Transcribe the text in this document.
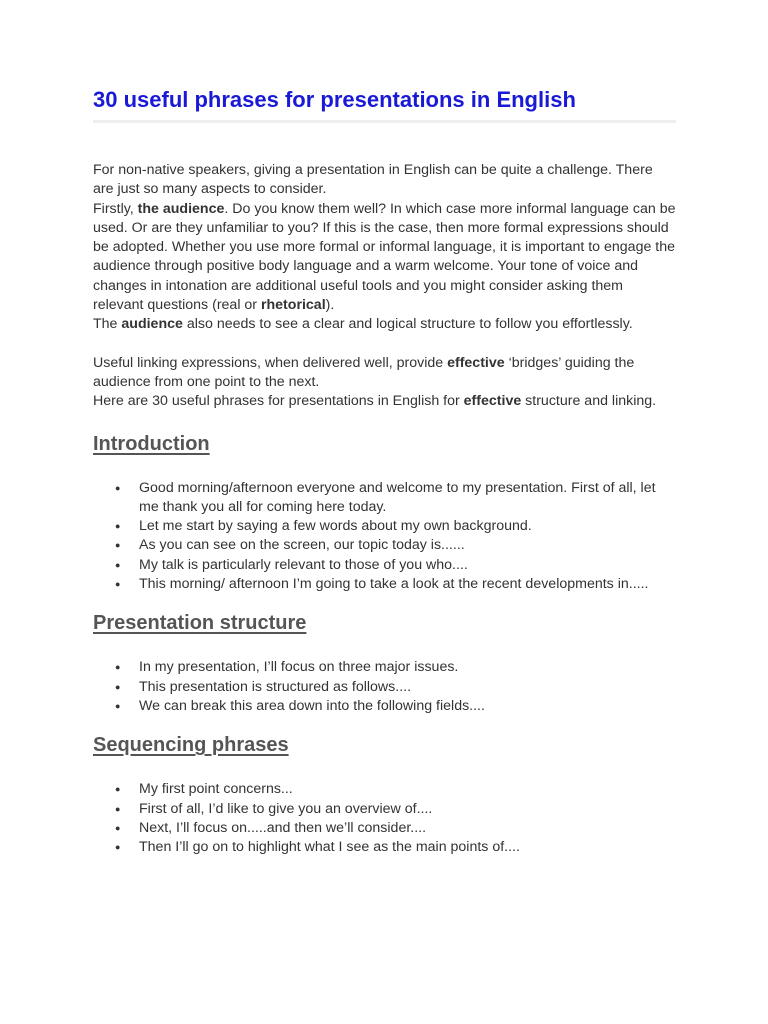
30 useful phrases for presentations in English

For non-native speakers, giving a presentation in English can be quite a challenge. There are just so many aspects to consider.

Firstly, the audience. Do you know them well? In which case more informal language can be used. Or are they unfamiliar to you? If this is the case, then more formal expressions should be adopted. Whether you use more formal or informal language, it is important to engage the audience through positive body language and a warm welcome. Your tone of voice and changes in intonation are additional useful tools and you might consider asking them relevant questions (real or rhetorical).

The audience also needs to see a clear and logical structure to follow you effortlessly.

Useful linking expressions, when delivered well, provide effective ‘bridges’ guiding the audience from one point to the next.

Here are 30 useful phrases for presentations in English for effective structure and linking.

Introduction
● Good morning/afternoon everyone and welcome to my presentation. First of all, let me thank you all for coming here today.
● Let me start by saying a few words about my own background.
● As you can see on the screen, our topic today is......
● My talk is particularly relevant to those of you who....
● This morning/ afternoon I’m going to take a look at the recent developments in.....
Presentation structure
● In my presentation, I’ll focus on three major issues.
● This presentation is structured as follows....
● We can break this area down into the following fields....
Sequencing phrases
● My first point concerns...
● First of all, I’d like to give you an overview of....
● Next, I’ll focus on.....and then we’ll consider....
● Then I’ll go on to highlight what I see as the main points of....
